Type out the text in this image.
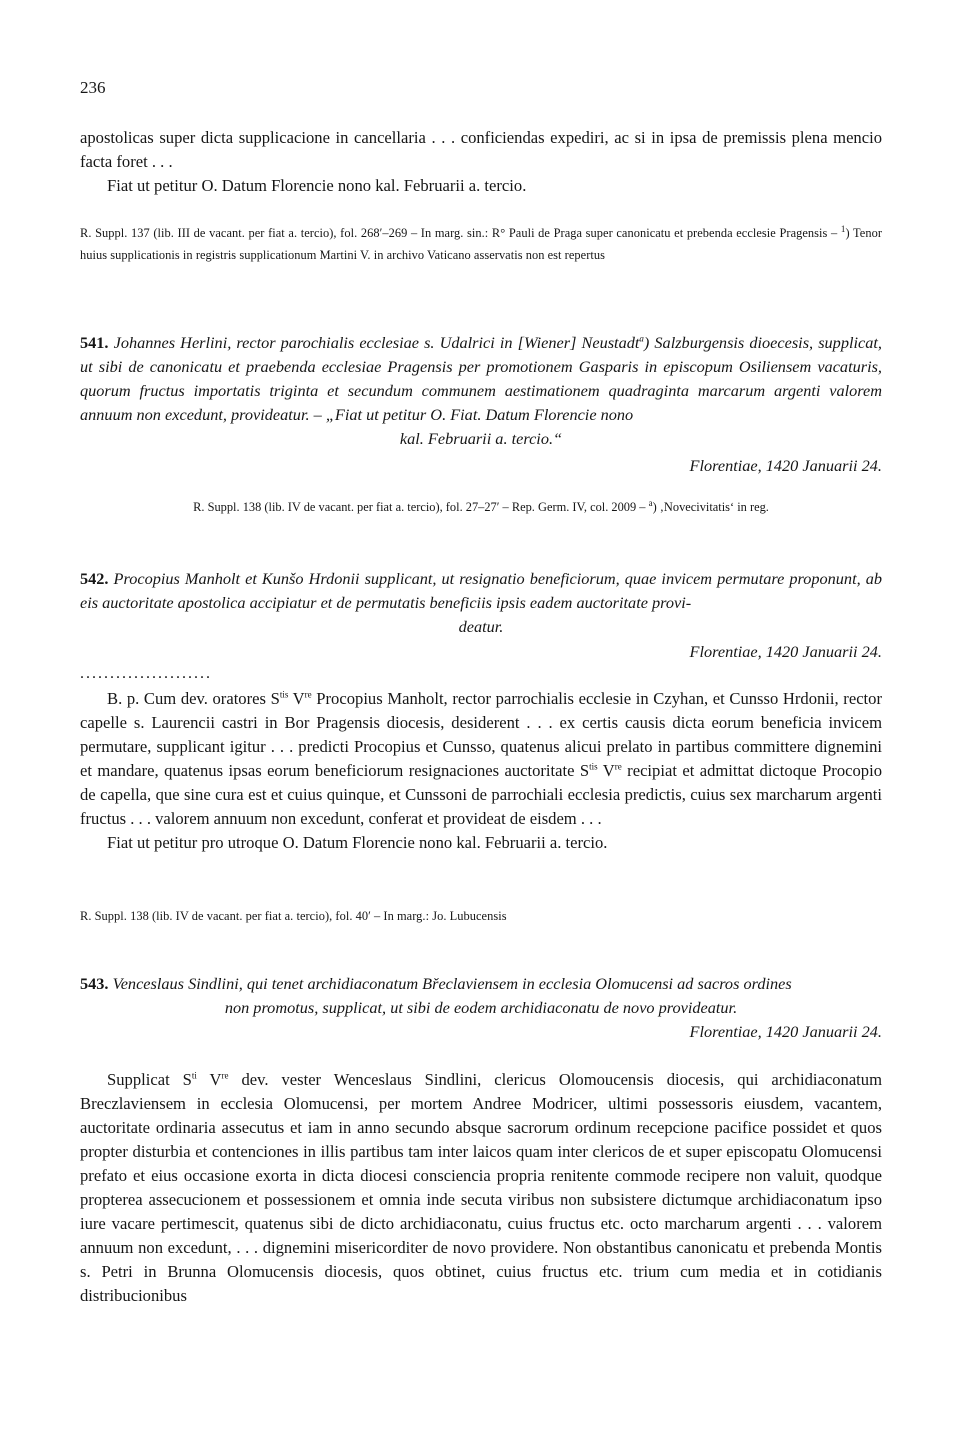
236

apostolicas super dicta supplicacione in cancellaria . . . conficiendas expediri, ac si in ipsa de premissis plena mencio facta foret . . .

Fiat ut petitur O. Datum Florencie nono kal. Februarii a. tercio.

R. Suppl. 137 (lib. III de vacant. per fiat a. tercio), fol. 268′–269 – In marg. sin.: R° Pauli de Praga super canonicatu et prebenda ecclesie Pragensis – $^1$) Tenor huius supplicationis in registris supplicationum Martini V. in archivo Vaticano asservatis non est repertus

541. Johannes Herlini, rector parochialis ecclesiae s. Udalrici in [Wiener] Neustadt$^a$) Salzburgensis dioecesis, supplicat, ut sibi de canonicatu et praebenda ecclesiae Pragensis per promotionem Gasparis in episcopum Osiliensem vacaturis, quorum fructus importatis triginta et secundum communem aestimationem quadraginta marcarum argenti valorem annuum non excedunt, provideatur. – „Fiat ut petitur O. Fiat. Datum Florencie nono

kal. Februarii a. tercio.“

Florentiae, 1420 Januarii 24.

R. Suppl. 138 (lib. IV de vacant. per fiat a. tercio), fol. 27–27′ – Rep. Germ. IV, col. 2009 – $^a$) ‚Novecivitatis‘ in reg.

542. Procopius Manholt et Kunšo Hrdonii supplicant, ut resignatio beneficiorum, quae invicem permutare proponunt, ab eis auctoritate apostolica accipiatur et de permutatis beneficiis ipsis eadem auctoritate provi-

deatur.

Florentiae, 1420 Januarii 24.

......................

B. p. Cum dev. oratores $S^{tis}$ Vre Procopius Manholt, rector parrochialis ecclesie in Czyhan, et Cunsso Hrdonii, rector capelle s. Laurencii castri in Bor Pragensis diocesis, desiderent . . . ex certis causis dicta eorum beneficia invicem permutare, supplicant igitur . . . predicti Procopius et Cunsso, quatenus alicui prelato in partibus committere dignemini et mandare, quatenus ipsas eorum beneficiorum resignaciones auctoritate $S^{tis}$ Vre recipiat et admittat dictoque Procopio de capella, que sine cura est et cuius quinque, et Cunssoni de parrochiali ecclesia predictis, cuius sex marcharum argenti fructus . . . valorem annuum non excedunt, conferat et provideat de eisdem . . .

Fiat ut petitur pro utroque O. Datum Florencie nono kal. Februarii a. tercio.

R. Suppl. 138 (lib. IV de vacant. per fiat a. tercio), fol. 40′ – In marg.: Jo. Lubucensis

543. Venceslaus Sindlini, qui tenet archidiaconatum Břeclaviensem in ecclesia Olomucensi ad sacros ordines

non promotus, supplicat, ut sibi de eodem archidiaconatu de novo provideatur.

Florentiae, 1420 Januarii 24.

Supplicat $S^{ti}$ Vre dev. vester Wenceslaus Sindlini, clericus Olomoucensis diocesis, qui archidiaconatum Breczlaviensem in ecclesia Olomucensi, per mortem Andree Modricer, ultimi possessoris eiusdem, vacantem, auctoritate ordinaria assecutus et iam in anno secundo absque sacrorum ordinum recepcione pacifice possidet et quos propter disturbia et contenciones in illis partibus tam inter laicos quam inter clericos de et super episcopatu Olomucensi prefato et eius occasione exorta in dicta diocesi consciencia propria renitente commode recipere non valuit, quodque propterea assecucionem et possessionem et omnia inde secuta viribus non subsistere dictumque archidiaconatum ipso iure vacare pertimescit, quatenus sibi de dicto archidiaconatu, cuius fructus etc. octo marcharum argenti . . . valorem annuum non excedunt, . . . dignemini misericorditer de novo providere. Non obstantibus canonicatu et prebenda Montis s. Petri in Brunna Olomucensis diocesis, quos obtinet, cuius fructus etc. trium cum media et in cotidianis distribucionibus
